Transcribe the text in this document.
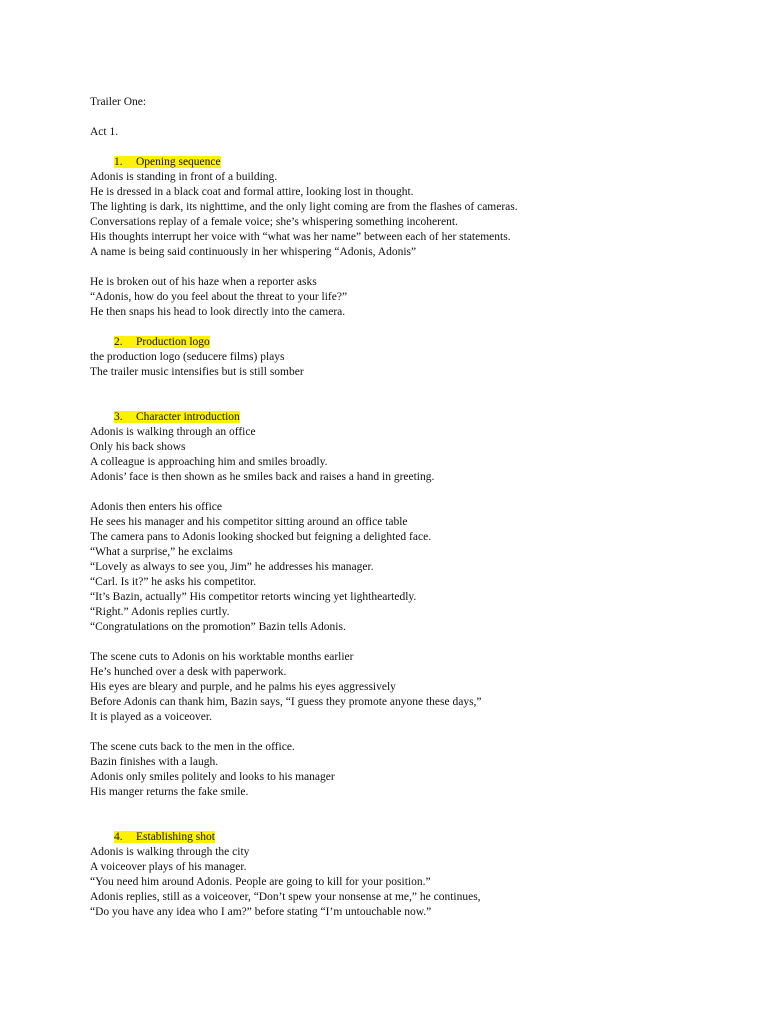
Trailer One:
Act 1.
1. Opening sequence
Adonis is standing in front of a building.
He is dressed in a black coat and formal attire, looking lost in thought.
The lighting is dark, its nighttime, and the only light coming are from the flashes of cameras.
Conversations replay of a female voice; she’s whispering something incoherent.
His thoughts interrupt her voice with “what was her name” between each of her statements.
A name is being said continuously in her whispering “Adonis, Adonis”
He is broken out of his haze when a reporter asks
“Adonis, how do you feel about the threat to your life?”
He then snaps his head to look directly into the camera.
2. Production logo
the production logo (seducere films) plays
The trailer music intensifies but is still somber
3. Character introduction
Adonis is walking through an office
Only his back shows
A colleague is approaching him and smiles broadly.
Adonis’ face is then shown as he smiles back and raises a hand in greeting.
Adonis then enters his office
He sees his manager and his competitor sitting around an office table
The camera pans to Adonis looking shocked but feigning a delighted face.
“What a surprise,” he exclaims
“Lovely as always to see you, Jim” he addresses his manager.
“Carl. Is it?” he asks his competitor.
“It’s Bazin, actually” His competitor retorts wincing yet lightheartedly.
“Right.” Adonis replies curtly.
“Congratulations on the promotion” Bazin tells Adonis.
The scene cuts to Adonis on his worktable months earlier
He’s hunched over a desk with paperwork.
His eyes are bleary and purple, and he palms his eyes aggressively
Before Adonis can thank him, Bazin says, “I guess they promote anyone these days,”
It is played as a voiceover.
The scene cuts back to the men in the office.
Bazin finishes with a laugh.
Adonis only smiles politely and looks to his manager
His manger returns the fake smile.
4. Establishing shot
Adonis is walking through the city
A voiceover plays of his manager.
“You need him around Adonis. People are going to kill for your position.”
Adonis replies, still as a voiceover, “Don’t spew your nonsense at me,” he continues,
“Do you have any idea who I am?” before stating “I’m untouchable now.”
